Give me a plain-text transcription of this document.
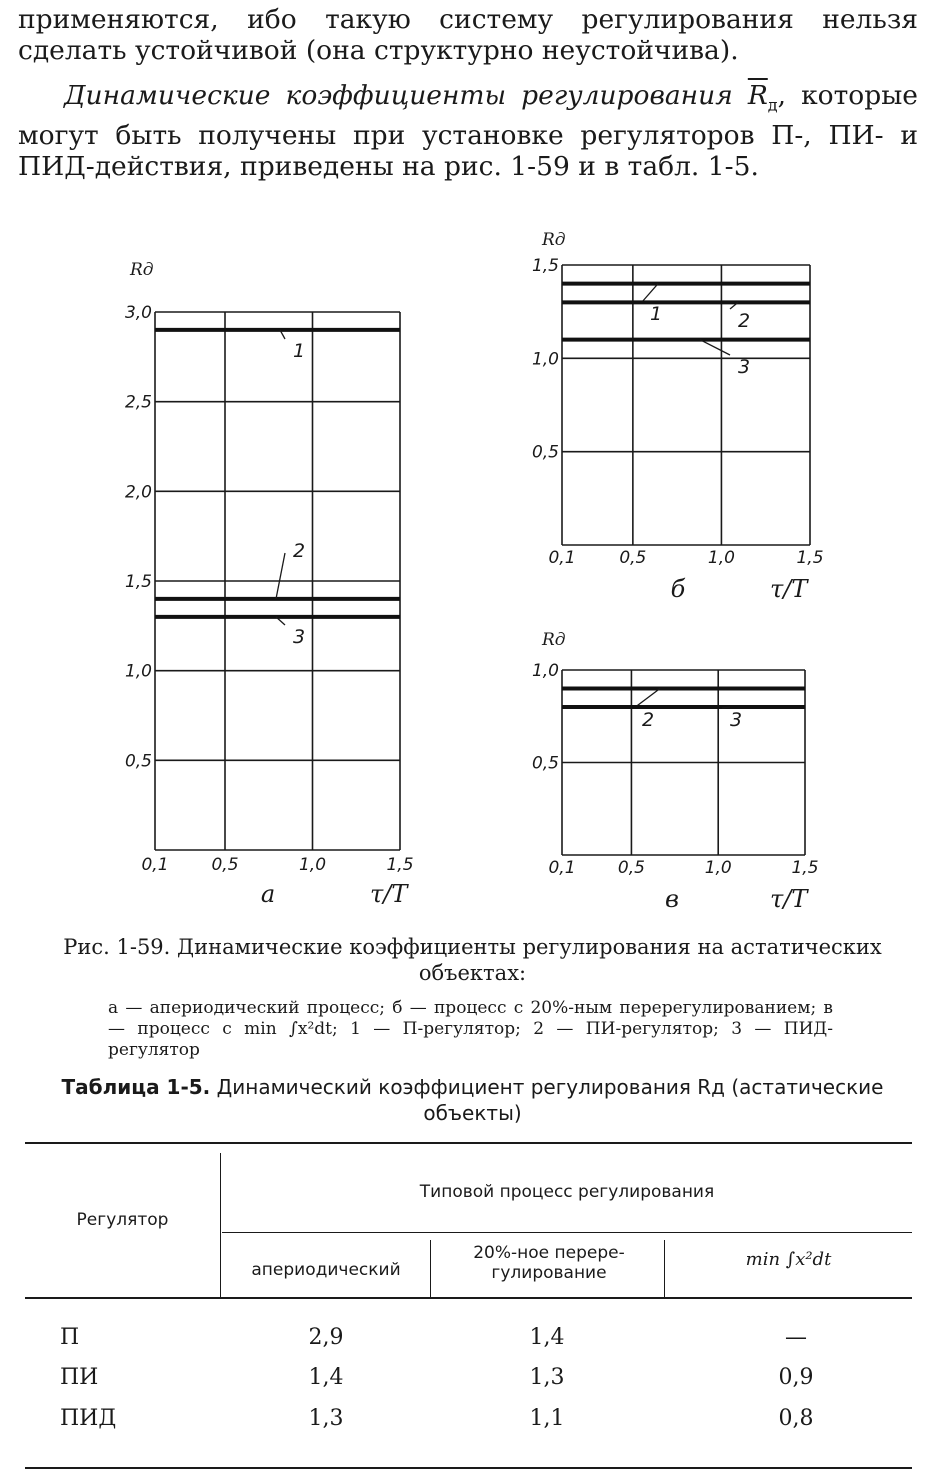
применяются, ибо такую систему регулирования нельзя сделать устойчивой (она структурно неустойчива).
Динамические коэффициенты регулирования $\overline{R}_д$, которые могут быть получены при установке регуляторов П-, ПИ- и ПИД-действия, приведены на рис. 1-59 и в табл. 1-5.
0,1	0,5	1,0	1,5
0,5
1,0
1,5
2,0
2,5
3,0
Rд
а	τ/T
1
2
3
0,1	0,5	1,0	1,5
0,5
1,0
1,5
Rд
б	τ/T
1	2
3
0,1 0,5	1,0	1,5
0,5
1,0
Rд
в	τ/T
2	3
Рис. 1-59. Динамические коэффициенты регулирования на астатических объектах:
а — апериодический процесс; б — процесс с 20%-ным перерегулированием; в — процесс с min ∫x²dt; 1 — П-регулятор; 2 — ПИ-регулятор; 3 — ПИД-регулятор
Таблица 1-5. Динамический коэффициент регулирования Rд (астатические объекты)
Регулятор
Типовой процесс регулирования
апериодический
20%-ное перере-гулирование
min ∫x²dt
П	2,9	1,4	—
ПИ	1,4	1,3	0,9
ПИД	1,3	1,1	0,8
